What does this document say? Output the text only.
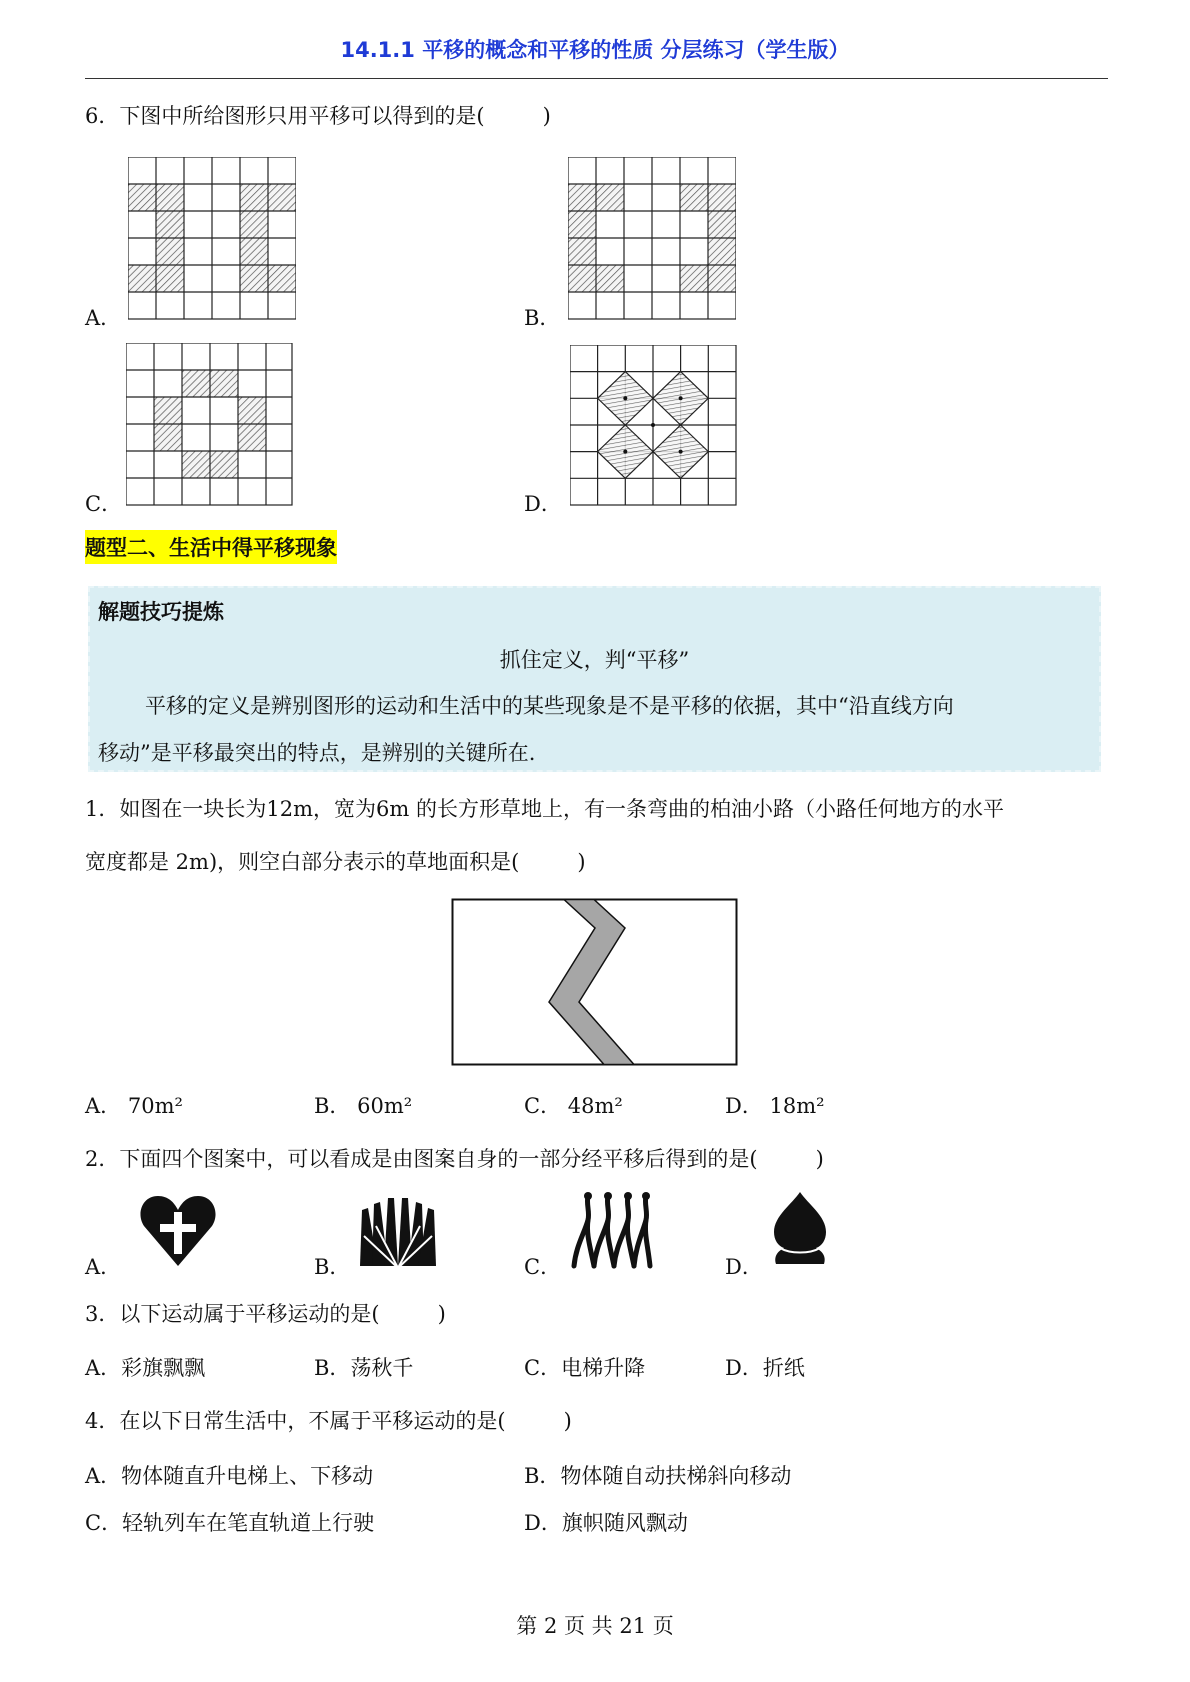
14.1.1 平移的概念和平移的性质 分层练习（学生版）
6．下图中所给图形只用平移可以得到的是(	)
A．	B．
C．	D．
题型二、生活中得平移现象
解题技巧提炼
抓住定义，判“平移”
平移的定义是辨别图形的运动和生活中的某些现象是不是平移的依据，其中“沿直线方向
移动”是平移最突出的特点，是辨别的关键所在.
1．如图在一块长为12m，宽为6m 的长方形草地上，有一条弯曲的柏油小路（小路任何地方的水平
宽度都是 2m)，则空白部分表示的草地面积是(	)
A． 70m²	B． 60m²	C． 48m²	D． 18m²
2．下面四个图案中，可以看成是由图案自身的一部分经平移后得到的是(	)
A．	B．	C．	D．
3．以下运动属于平移运动的是(	)
A．彩旗飘飘	B．荡秋千	C．电梯升降	D．折纸
4．在以下日常生活中，不属于平移运动的是(	)
A．物体随直升电梯上、下移动	B．物体随自动扶梯斜向移动
C．轻轨列车在笔直轨道上行驶	D．旗帜随风飘动
第 2 页 共 21 页
